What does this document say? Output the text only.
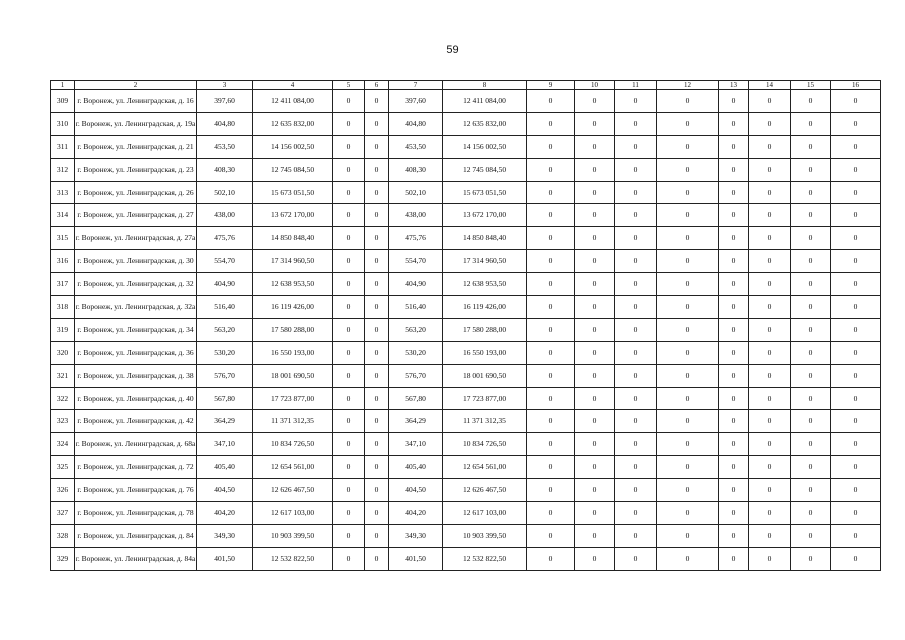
59
1	2	3	4	5	6	7	8	9	10	11	12	13	14	15	16
309	г. Воронеж, ул. Ленинградская, д. 16	397,60	12 411 084,00	0	0	397,60	12 411 084,00	0	0	0	0	0	0	0	0
310	г. Воронеж, ул. Ленинградская, д. 19а	404,80	12 635 832,00	0	0	404,80	12 635 832,00	0	0	0	0	0	0	0	0
311	г. Воронеж, ул. Ленинградская, д. 21	453,50	14 156 002,50	0	0	453,50	14 156 002,50	0	0	0	0	0	0	0	0
312	г. Воронеж, ул. Ленинградская, д. 23	408,30	12 745 084,50	0	0	408,30	12 745 084,50	0	0	0	0	0	0	0	0
313	г. Воронеж, ул. Ленинградская, д. 26	502,10	15 673 051,50	0	0	502,10	15 673 051,50	0	0	0	0	0	0	0	0
314	г. Воронеж, ул. Ленинградская, д. 27	438,00	13 672 170,00	0	0	438,00	13 672 170,00	0	0	0	0	0	0	0	0
315	г. Воронеж, ул. Ленинградская, д. 27а	475,76	14 850 848,40	0	0	475,76	14 850 848,40	0	0	0	0	0	0	0	0
316	г. Воронеж, ул. Ленинградская, д. 30	554,70	17 314 960,50	0	0	554,70	17 314 960,50	0	0	0	0	0	0	0	0
317	г. Воронеж, ул. Ленинградская, д. 32	404,90	12 638 953,50	0	0	404,90	12 638 953,50	0	0	0	0	0	0	0	0
318	г. Воронеж, ул. Ленинградская, д. 32а	516,40	16 119 426,00	0	0	516,40	16 119 426,00	0	0	0	0	0	0	0	0
319	г. Воронеж, ул. Ленинградская, д. 34	563,20	17 580 288,00	0	0	563,20	17 580 288,00	0	0	0	0	0	0	0	0
320	г. Воронеж, ул. Ленинградская, д. 36	530,20	16 550 193,00	0	0	530,20	16 550 193,00	0	0	0	0	0	0	0	0
321	г. Воронеж, ул. Ленинградская, д. 38	576,70	18 001 690,50	0	0	576,70	18 001 690,50	0	0	0	0	0	0	0	0
322	г. Воронеж, ул. Ленинградская, д. 40	567,80	17 723 877,00	0	0	567,80	17 723 877,00	0	0	0	0	0	0	0	0
323	г. Воронеж, ул. Ленинградская, д. 42	364,29	11 371 312,35	0	0	364,29	11 371 312,35	0	0	0	0	0	0	0	0
324	г. Воронеж, ул. Ленинградская, д. 68а	347,10	10 834 726,50	0	0	347,10	10 834 726,50	0	0	0	0	0	0	0	0
325	г. Воронеж, ул. Ленинградская, д. 72	405,40	12 654 561,00	0	0	405,40	12 654 561,00	0	0	0	0	0	0	0	0
326	г. Воронеж, ул. Ленинградская, д. 76	404,50	12 626 467,50	0	0	404,50	12 626 467,50	0	0	0	0	0	0	0	0
327	г. Воронеж, ул. Ленинградская, д. 78	404,20	12 617 103,00	0	0	404,20	12 617 103,00	0	0	0	0	0	0	0	0
328	г. Воронеж, ул. Ленинградская, д. 84	349,30	10 903 399,50	0	0	349,30	10 903 399,50	0	0	0	0	0	0	0	0
329	г. Воронеж, ул. Ленинградская, д. 84а	401,50	12 532 822,50	0	0	401,50	12 532 822,50	0	0	0	0	0	0	0	0
